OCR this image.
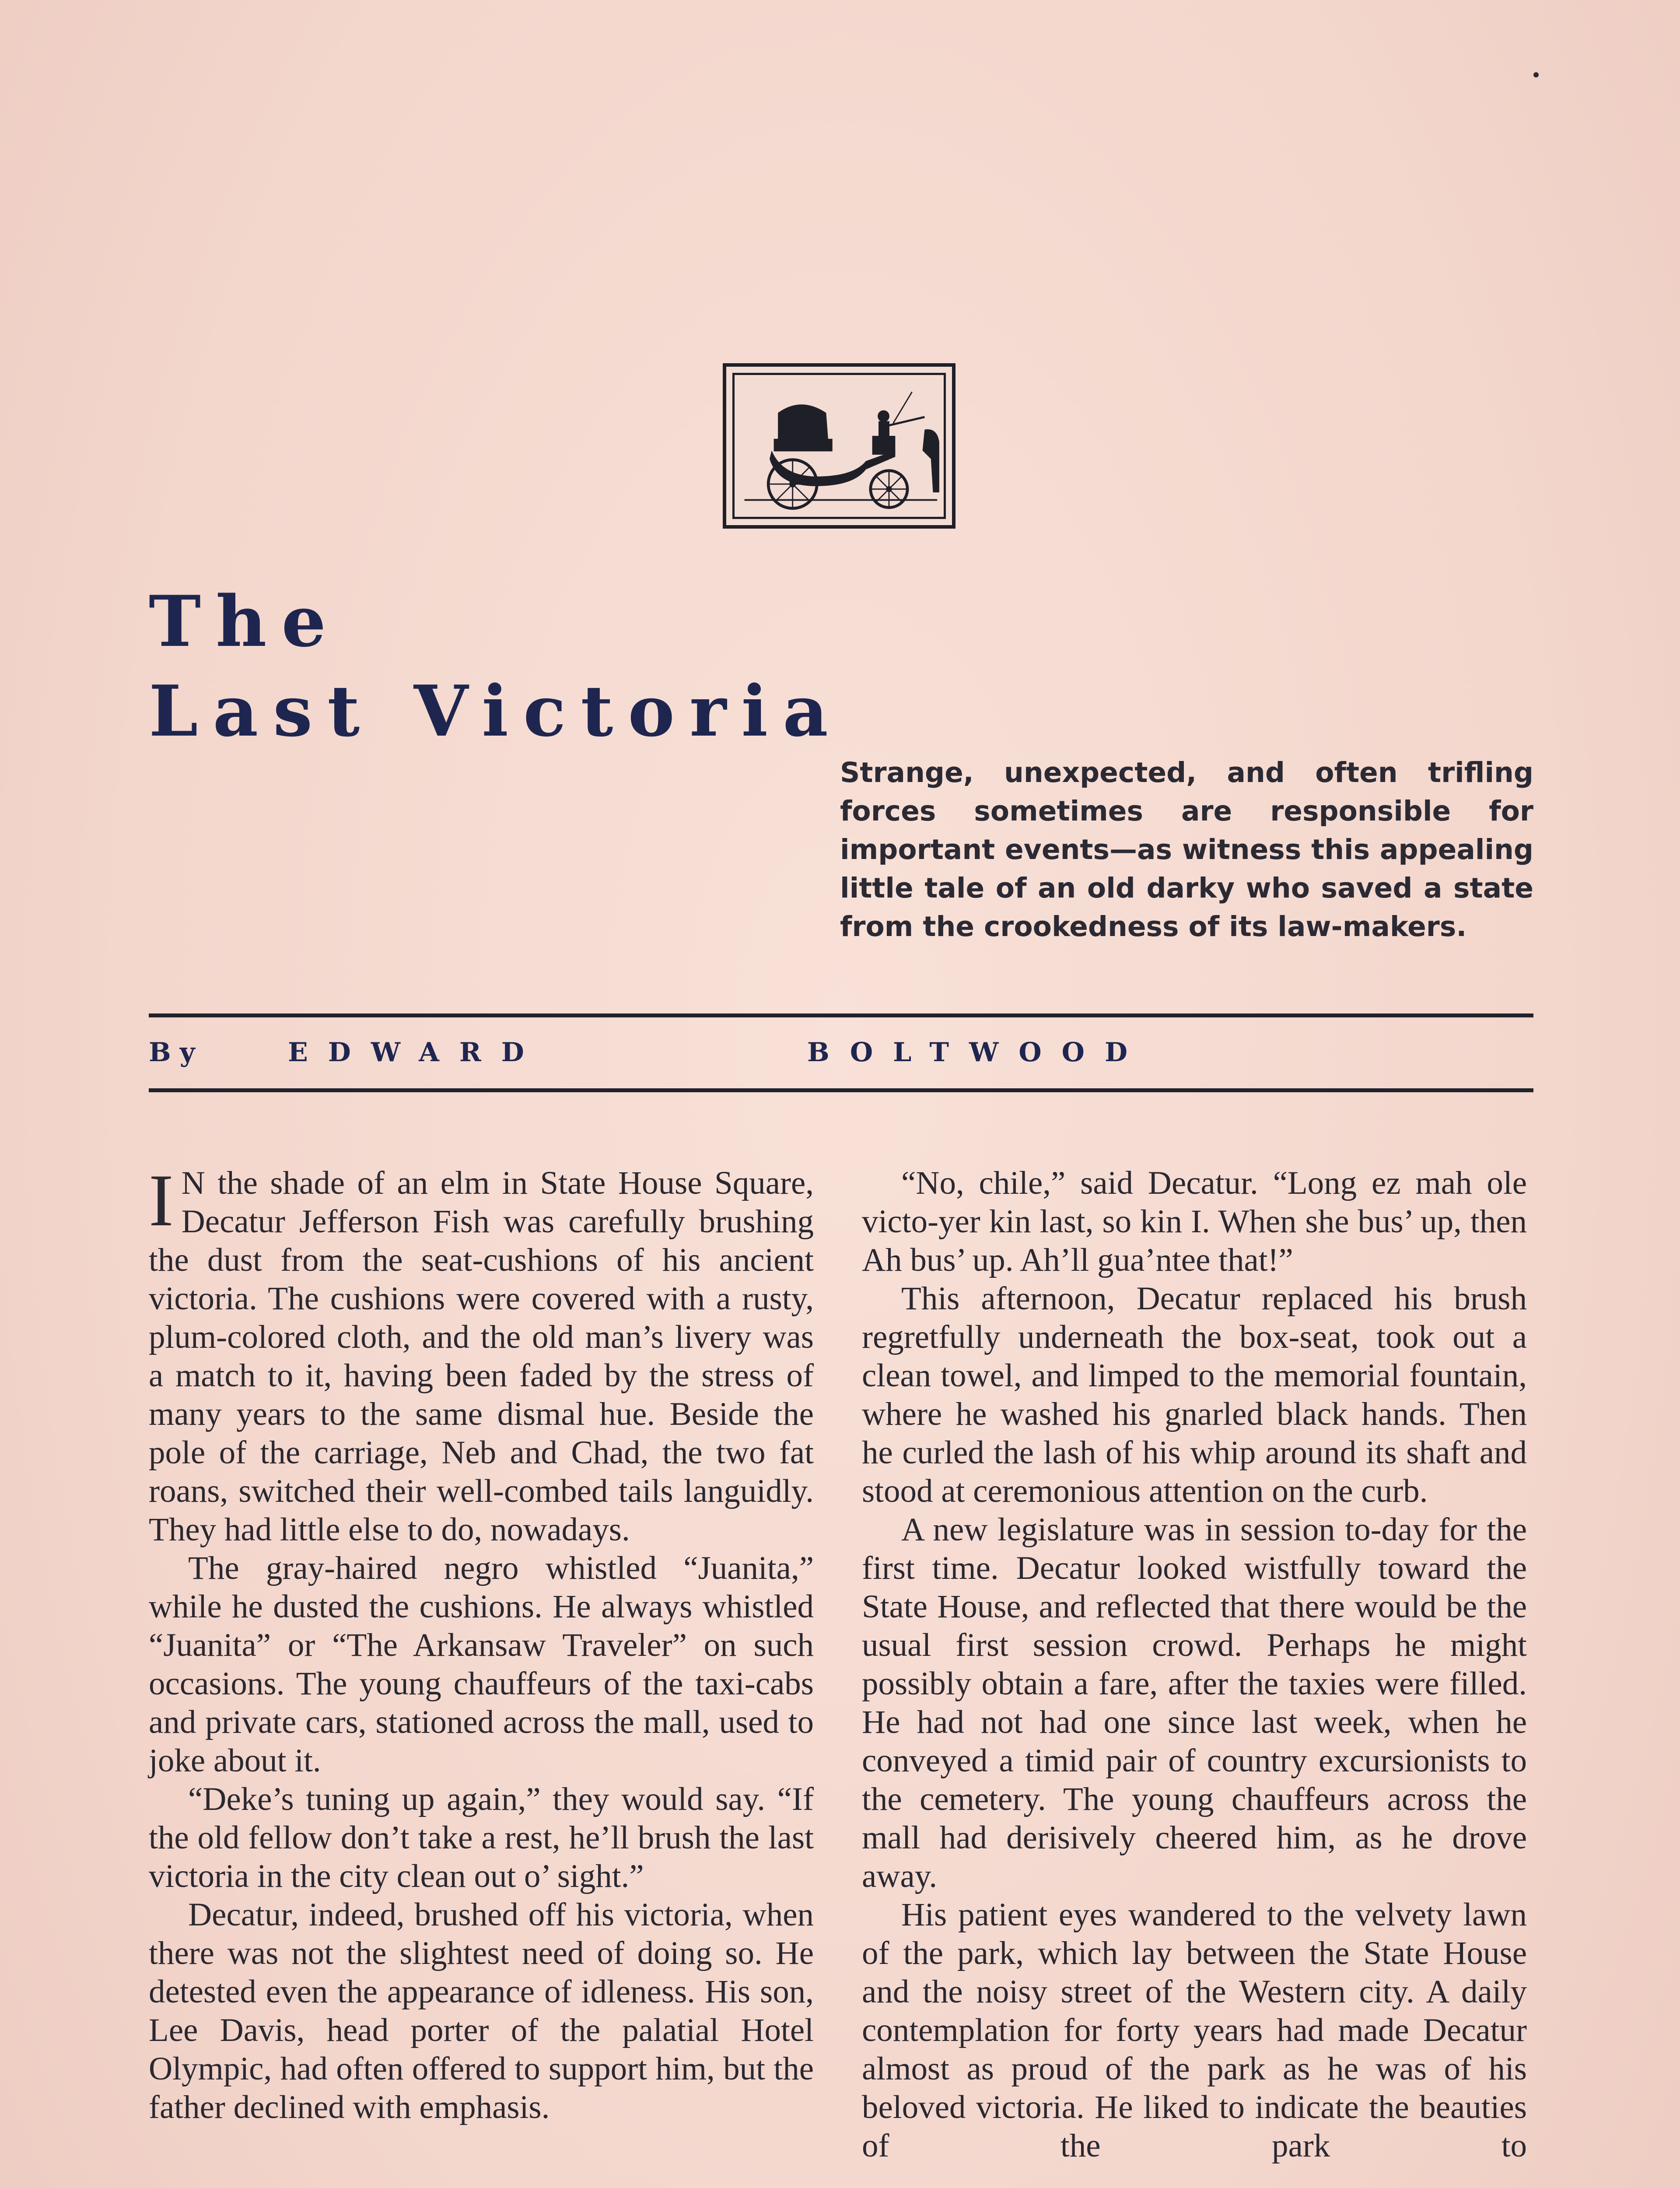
The
Last Victoria
Strange, unexpected, and often trifling forces sometimes are responsible for important events—as witness this appealing little tale of an old darky who saved a state from the crookedness of its law-makers.
By	EDWARD	BOLTWOOD

I N the shade of an elm in State House Square, Decatur Jefferson Fish was carefully brushing the dust from the seat-cushions of his ancient victoria. The cushions were covered with a rusty, plum-colored cloth, and the old man’s livery was a match to it, having been faded by the stress of many years to the same dismal hue. Beside the pole of the carriage, Neb and Chad, the two fat roans, switched their well-combed tails languidly. They had little else to do, nowadays.

The gray-haired negro whistled “Juanita,” while he dusted the cushions. He always whistled “Juanita” or “The Arkansaw Traveler” on such occasions. The young chauffeurs of the taxi-cabs and private cars, stationed across the mall, used to joke about it.

“Deke’s tuning up again,” they would say. “If the old fellow don’t take a rest, he’ll brush the last victoria in the city clean out o’ sight.”

Decatur, indeed, brushed off his victoria, when there was not the slightest need of doing so. He detested even the appearance of idleness. His son, Lee Davis, head porter of the palatial Hotel Olympic, had often offered to support him, but the father declined with emphasis.

“No, chile,” said Decatur. “Long ez mah ole victo-yer kin last, so kin I. When she bus’ up, then Ah bus’ up. Ah’ll gua’ntee that!”

This afternoon, Decatur replaced his brush regretfully underneath the box-seat, took out a clean towel, and limped to the memorial fountain, where he washed his gnarled black hands. Then he curled the lash of his whip around its shaft and stood at ceremonious attention on the curb.

A new legislature was in session to-day for the first time. Decatur looked wistfully toward the State House, and reflected that there would be the usual first session crowd. Perhaps he might possibly obtain a fare, after the taxies were filled. He had not had one since last week, when he conveyed a timid pair of country excursionists to the cemetery. The young chauffeurs across the mall had derisively cheered him, as he drove away.

His patient eyes wandered to the velvety lawn of the park, which lay between the State House and the noisy street of the Western city. A daily contemplation for forty years had made Decatur almost as proud of the park as he was of his beloved victoria. He liked to indicate the beauties of the park to
